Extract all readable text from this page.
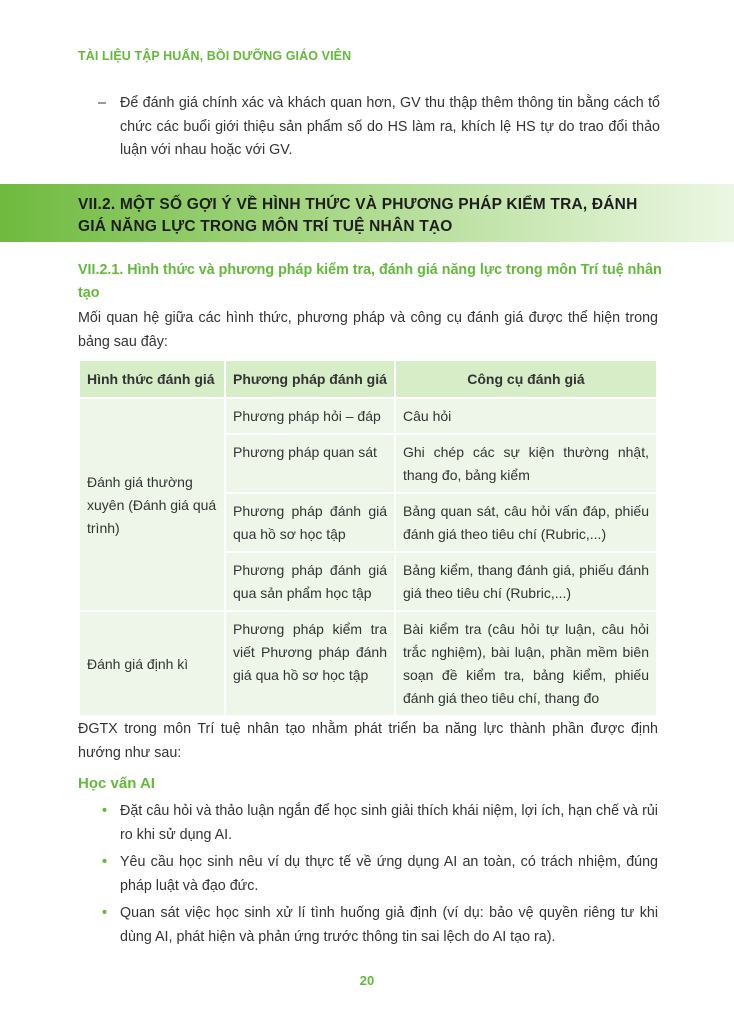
TÀI LIỆU TẬP HUẤN, BỒI DƯỠNG GIÁO VIÊN
– Để đánh giá chính xác và khách quan hơn, GV thu thập thêm thông tin bằng cách tổ chức các buổi giới thiệu sản phẩm số do HS làm ra, khích lệ HS tự do trao đổi thảo luận với nhau hoặc với GV.
VII.2. MỘT SỐ GỢI Ý VỀ HÌNH THỨC VÀ PHƯƠNG PHÁP KIỂM TRA, ĐÁNH GIÁ NĂNG LỰC TRONG MÔN TRÍ TUỆ NHÂN TẠO
VII.2.1. Hình thức và phương pháp kiểm tra, đánh giá năng lực trong môn Trí tuệ nhân tạo
Mối quan hệ giữa các hình thức, phương pháp và công cụ đánh giá được thể hiện trong bảng sau đây:
Hình thức đánh giá	Phương pháp đánh giá	Công cụ đánh giá
Đánh giá thường xuyên (Đánh giá quá trình)	Phương pháp hỏi – đáp	Câu hỏi
	Phương pháp quan sát	Ghi chép các sự kiện thường nhật, thang đo, bảng kiểm
	Phương pháp đánh giá qua hồ sơ học tập	Bảng quan sát, câu hỏi vấn đáp, phiếu đánh giá theo tiêu chí (Rubric,...)
	Phương pháp đánh giá qua sản phẩm học tập	Bảng kiểm, thang đánh giá, phiếu đánh giá theo tiêu chí (Rubric,...)
Đánh giá định kì	Phương pháp kiểm tra viết Phương pháp đánh giá qua hồ sơ học tập	Bài kiểm tra (câu hỏi tự luận, câu hỏi trắc nghiệm), bài luận, phần mềm biên soạn đề kiểm tra, bảng kiểm, phiếu đánh giá theo tiêu chí, thang đo
ĐGTX trong môn Trí tuệ nhân tạo nhằm phát triển ba năng lực thành phần được định hướng như sau:
Học vấn AI
• Đặt câu hỏi và thảo luận ngắn để học sinh giải thích khái niệm, lợi ích, hạn chế và rủi ro khi sử dụng AI.
• Yêu cầu học sinh nêu ví dụ thực tế về ứng dụng AI an toàn, có trách nhiệm, đúng pháp luật và đạo đức.
• Quan sát việc học sinh xử lí tình huống giả định (ví dụ: bảo vệ quyền riêng tư khi dùng AI, phát hiện và phản ứng trước thông tin sai lệch do AI tạo ra).
20
